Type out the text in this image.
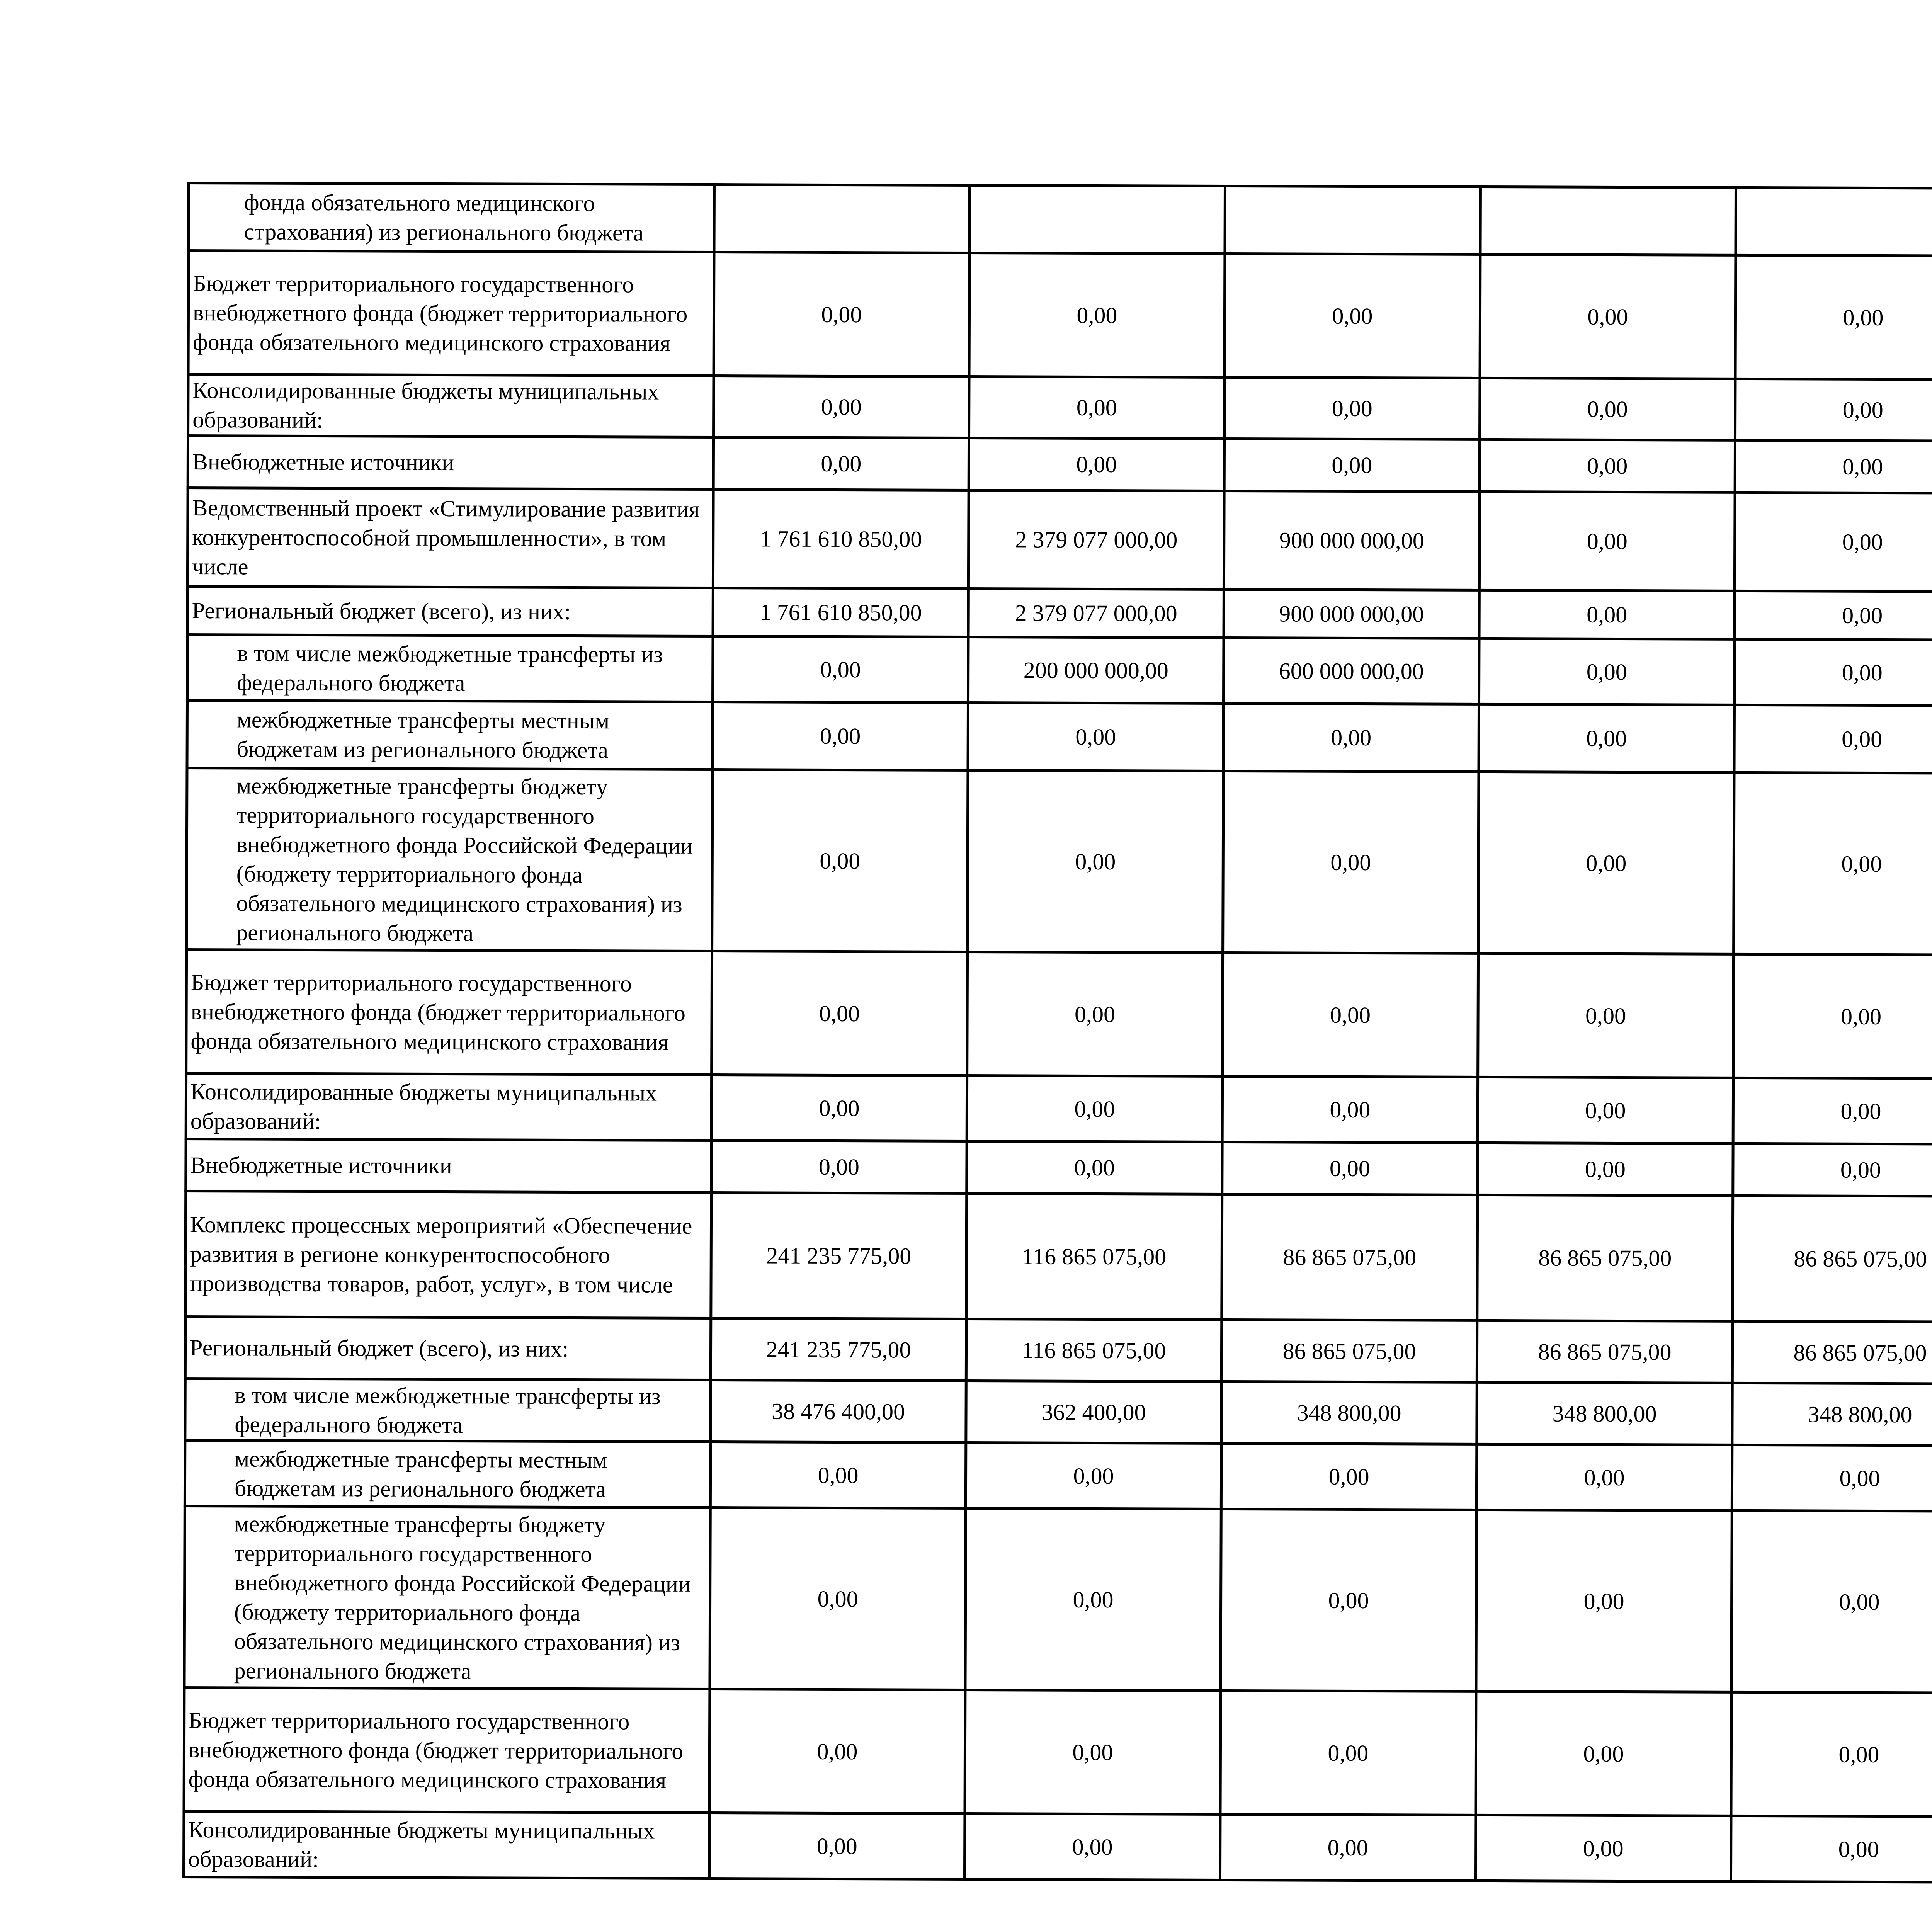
фонда обязательного медицинского страхования) из регионального бюджета								
Бюджет территориального государственного внебюджетного фонда (бюджет территориального фонда обязательного медицинского страхования	0,00	0,00	0,00	0,00	0,00			
Консолидированные бюджеты муниципальных образований:	0,00	0,00	0,00	0,00	0,00			
Внебюджетные источники	0,00	0,00	0,00	0,00	0,00			
Ведомственный проект «Стимулирование развития конкурентоспособной промышленности», в том числе	1 761 610 850,00	2 379 077 000,00	900 000 000,00	0,00	0,00			
Региональный бюджет (всего), из них:	1 761 610 850,00	2 379 077 000,00	900 000 000,00	0,00	0,00			
в том числе межбюджетные трансферты из федерального бюджета	0,00	200 000 000,00	600 000 000,00	0,00	0,00			
межбюджетные трансферты местным бюджетам из регионального бюджета	0,00	0,00	0,00	0,00	0,00			
межбюджетные трансферты бюджету территориального государственного внебюджетного фонда Российской Федерации (бюджету территориального фонда обязательного медицинского страхования) из регионального бюджета	0,00	0,00	0,00	0,00	0,00			
Бюджет территориального государственного внебюджетного фонда (бюджет территориального фонда обязательного медицинского страхования	0,00	0,00	0,00	0,00	0,00			
Консолидированные бюджеты муниципальных образований:	0,00	0,00	0,00	0,00	0,00			
Внебюджетные источники	0,00	0,00	0,00	0,00	0,00			
Комплекс процессных мероприятий «Обеспечение развития в регионе конкурентоспособного производства товаров, работ, услуг», в том числе	241 235 775,00	116 865 075,00	86 865 075,00	86 865 075,00	86 865 075,00			
Региональный бюджет (всего), из них:	241 235 775,00	116 865 075,00	86 865 075,00	86 865 075,00	86 865 075,00			
в том числе межбюджетные трансферты из федерального бюджета	38 476 400,00	362 400,00	348 800,00	348 800,00	348 800,00			
межбюджетные трансферты местным бюджетам из регионального бюджета	0,00	0,00	0,00	0,00	0,00			
межбюджетные трансферты бюджету территориального государственного внебюджетного фонда Российской Федерации (бюджету территориального фонда обязательного медицинского страхования) из регионального бюджета	0,00	0,00	0,00	0,00	0,00			
Бюджет территориального государственного внебюджетного фонда (бюджет территориального фонда обязательного медицинского страхования	0,00	0,00	0,00	0,00	0,00			
Консолидированные бюджеты муниципальных образований:	0,00	0,00	0,00	0,00	0,00			
